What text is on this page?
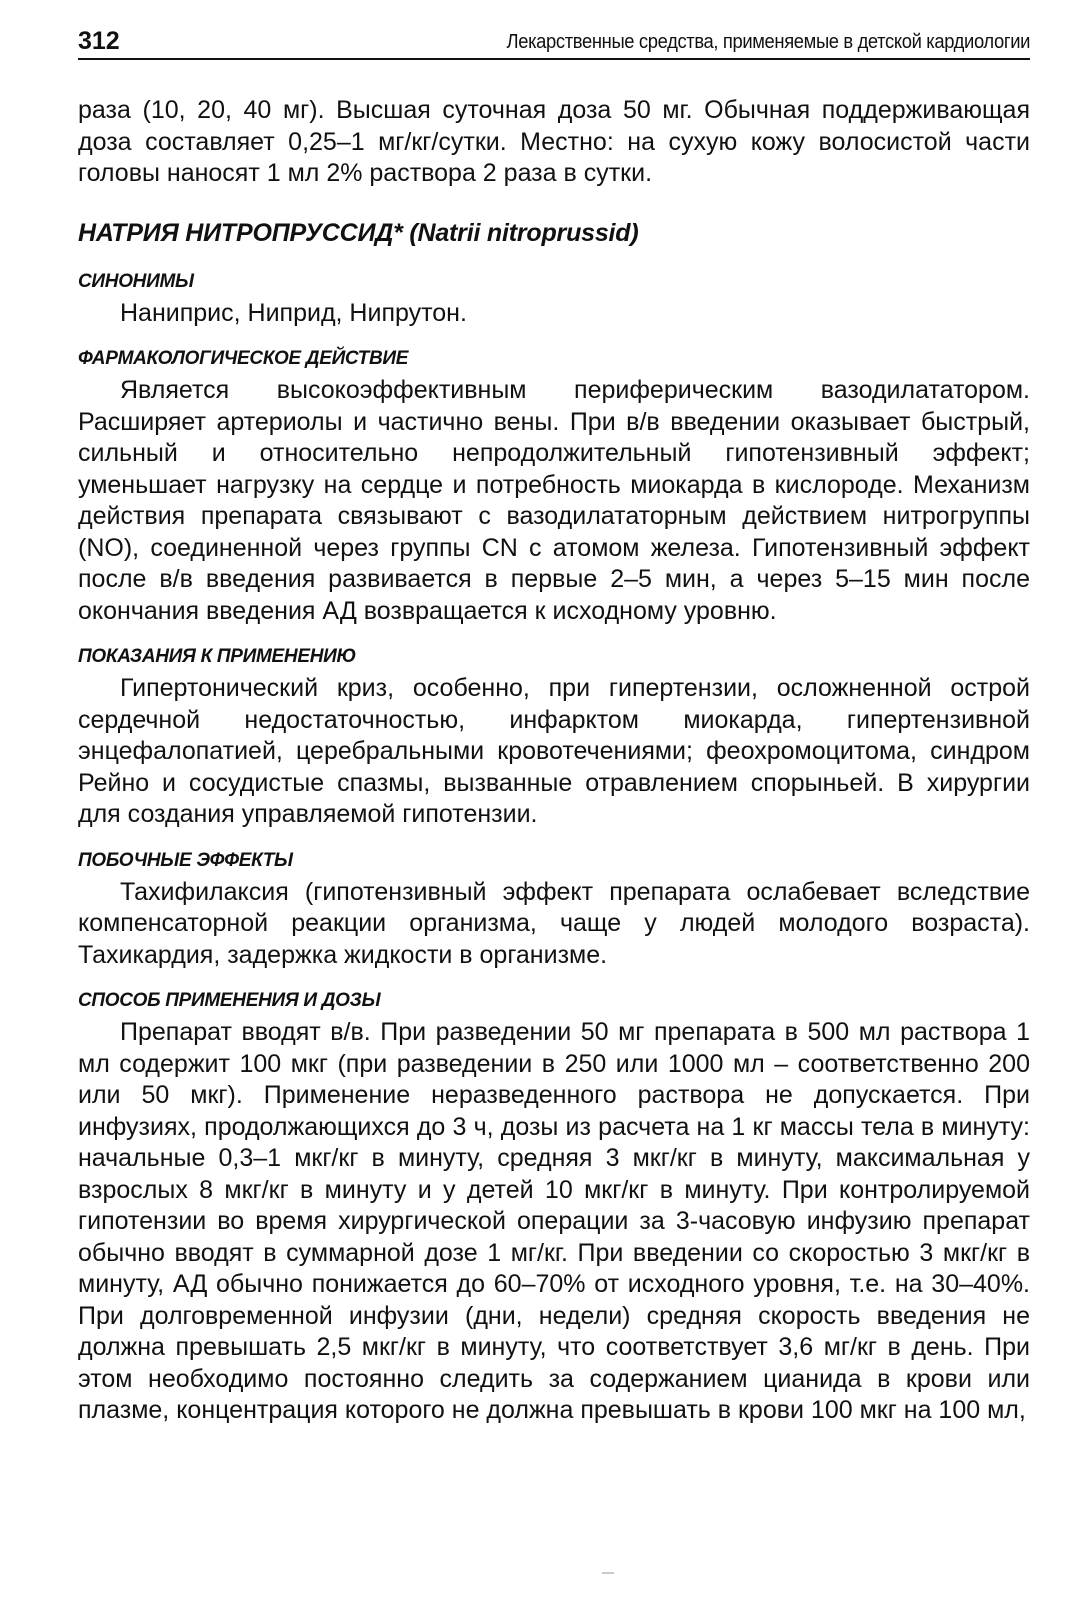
312	Лекарственные средства, применяемые в детской кардиологии

раза (10, 20, 40 мг). Высшая суточная доза 50 мг. Обычная поддерживающая доза составляет 0,25–1 мг/кг/сутки. Местно: на сухую кожу волосистой части головы наносят 1 мл 2% раствора 2 раза в сутки.

НАТРИЯ НИТРОПРУССИД* (Natrii nitroprussid)
СИНОНИМЫ

Наниприс, Ниприд, Нипрутон.

ФАРМАКОЛОГИЧЕСКОЕ ДЕЙСТВИЕ

Является высокоэффективным периферическим вазодилататором. Расширяет артериолы и частично вены. При в/в введении оказывает быстрый, сильный и относительно непродолжительный гипотензивный эффект; уменьшает нагрузку на сердце и потребность миокарда в кислороде. Механизм действия препарата связывают с вазодилататорным действием нитрогруппы (NO), соединенной через группы CN с атомом железа. Гипотензивный эффект после в/в введения развивается в первые 2–5 мин, а через 5–15 мин после окончания введения АД возвращается к исходному уровню.

ПОКАЗАНИЯ К ПРИМЕНЕНИЮ

Гипертонический криз, особенно, при гипертензии, осложненной острой сердечной недостаточностью, инфарктом миокарда, гипертензивной энцефалопатией, церебральными кровотечениями; феохромоцитома, синдром Рейно и сосудистые спазмы, вызванные отравлением спорыньей. В хирургии для создания управляемой гипотензии.

ПОБОЧНЫЕ ЭФФЕКТЫ

Тахифилаксия (гипотензивный эффект препарата ослабевает вследствие компенсаторной реакции организма, чаще у людей молодого возраста). Тахикардия, задержка жидкости в организме.

СПОСОБ ПРИМЕНЕНИЯ И ДОЗЫ

Препарат вводят в/в. При разведении 50 мг препарата в 500 мл раствора 1 мл содержит 100 мкг (при разведении в 250 или 1000 мл – соответственно 200 или 50 мкг). Применение неразведенного раствора не допускается. При инфузиях, продолжающихся до 3 ч, дозы из расчета на 1 кг массы тела в минуту: начальные 0,3–1 мкг/кг в минуту, средняя 3 мкг/кг в минуту, максимальная у взрослых 8 мкг/кг в минуту и у детей 10 мкг/кг в минуту. При контролируемой гипотензии во время хирургической операции за 3-часовую инфузию препарат обычно вводят в суммарной дозе 1 мг/кг. При введении со скоростью 3 мкг/кг в минуту, АД обычно понижается до 60–70% от исходного уровня, т.е. на 30–40%. При долговременной инфузии (дни, недели) средняя скорость введения не должна превышать 2,5 мкг/кг в минуту, что соответствует 3,6 мг/кг в день. При этом необходимо постоянно следить за содержанием цианида в крови или плазме, концентрация которого не должна превышать в крови 100 мкг на 100 мл,
